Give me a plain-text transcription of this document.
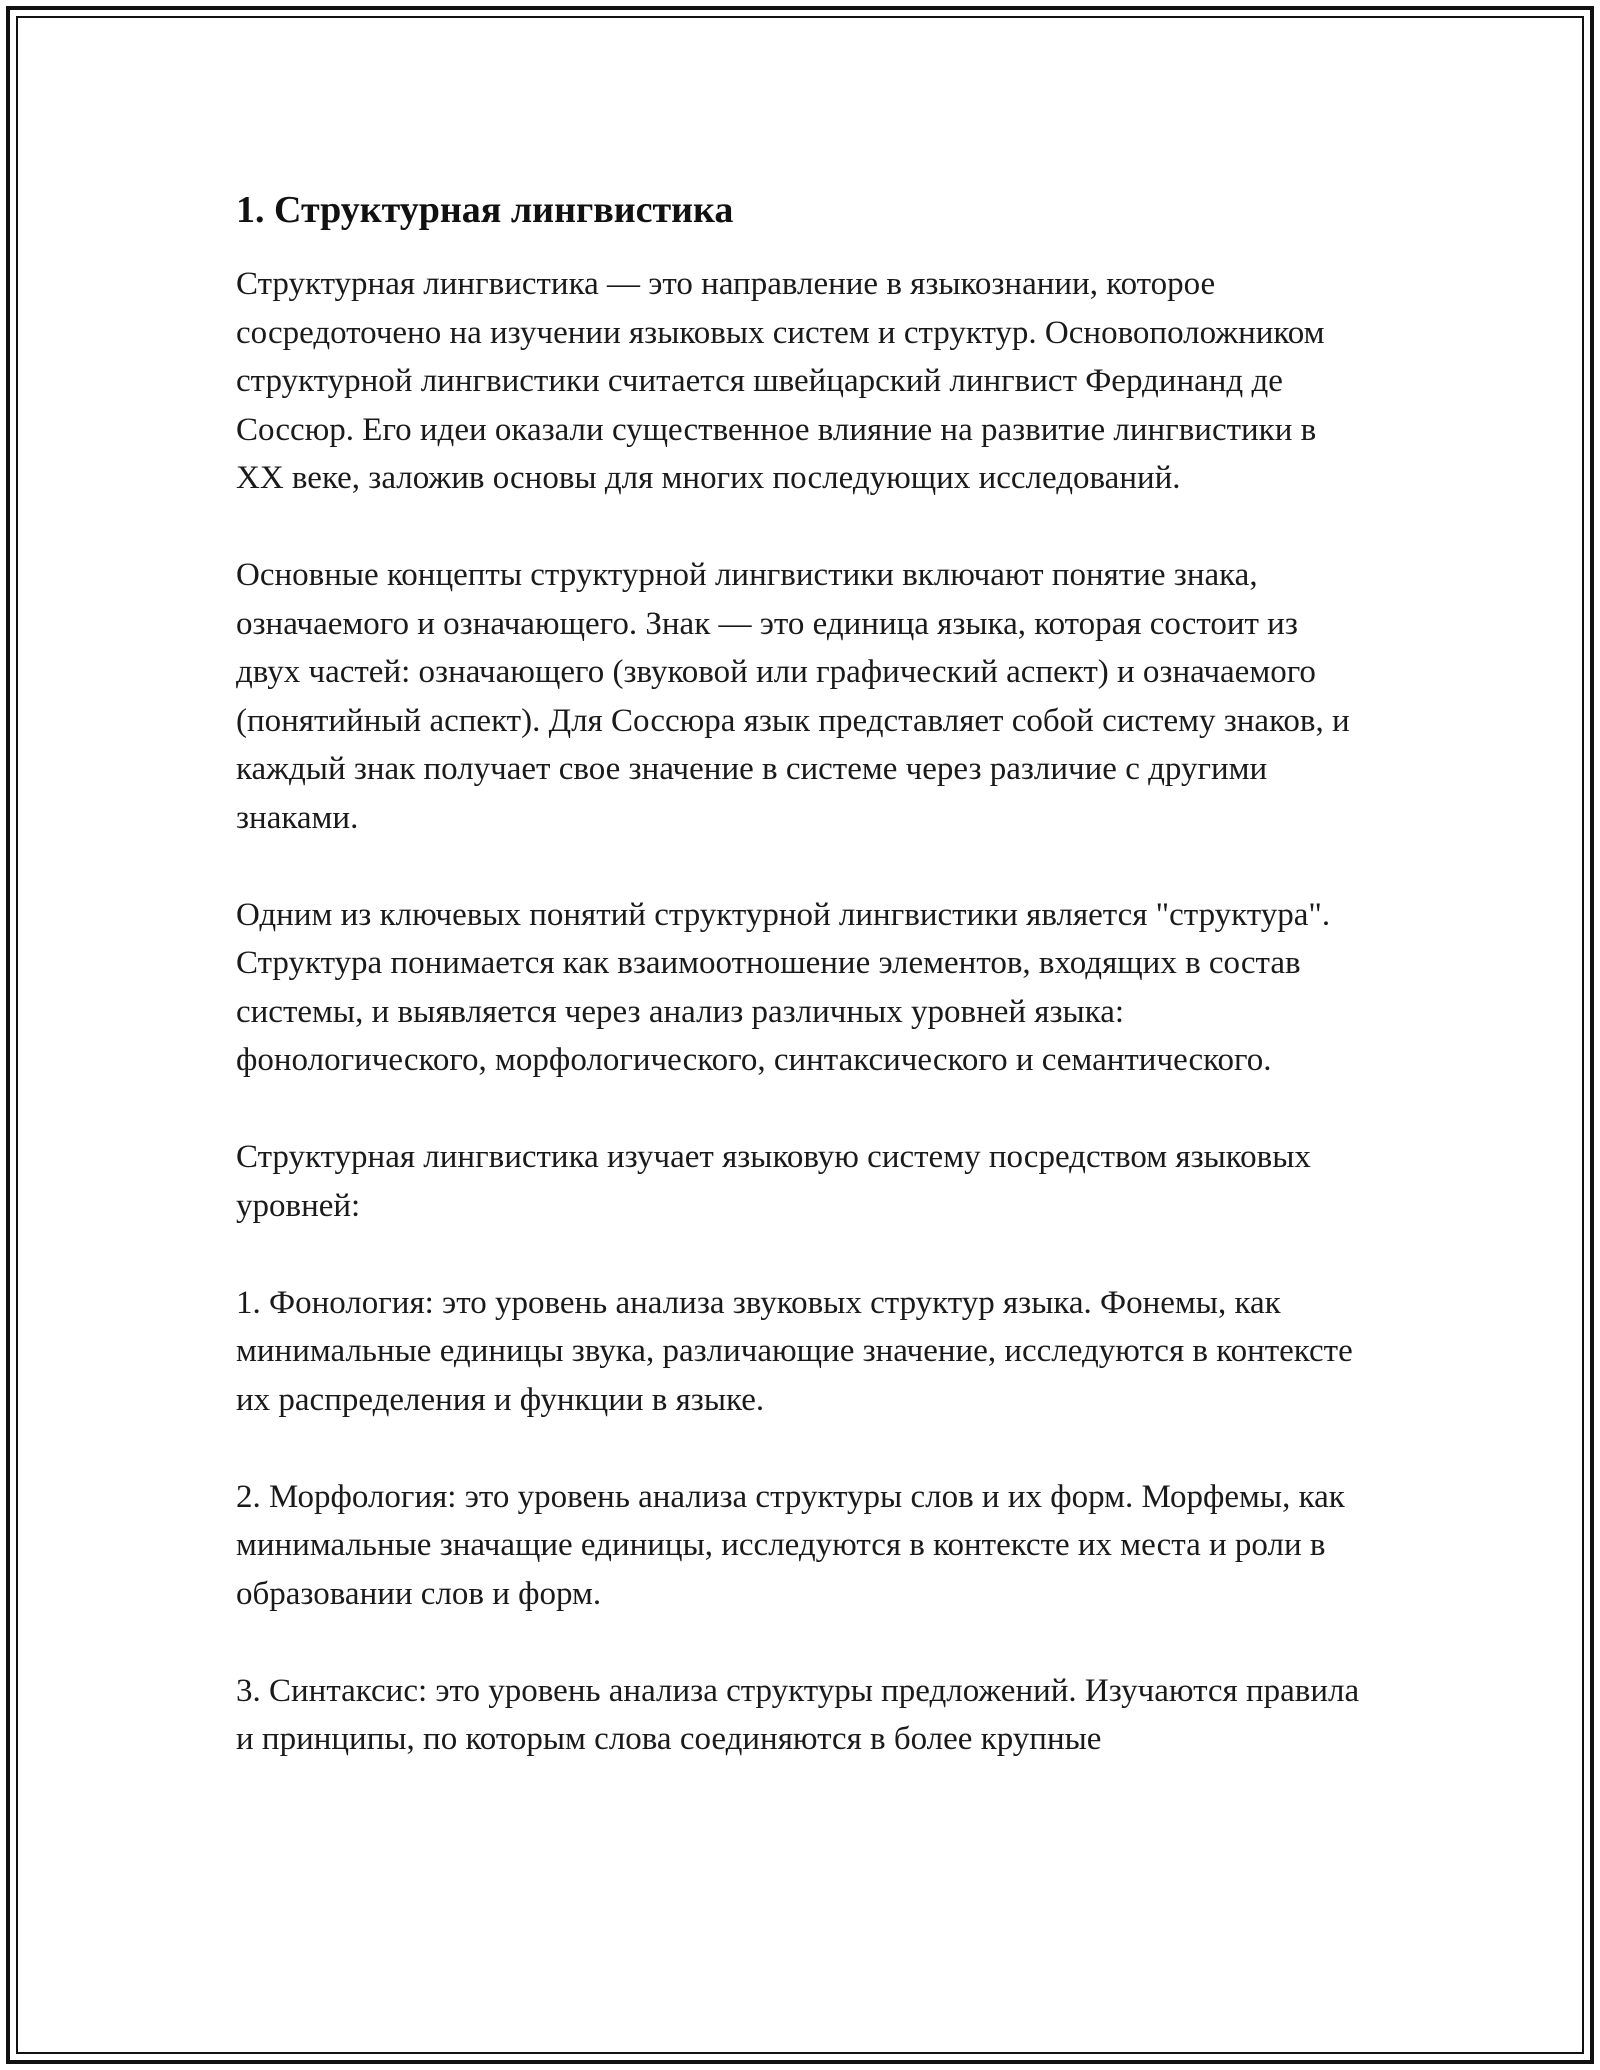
1. Структурная лингвистика

Структурная лингвистика — это направление в языкознании, которое сосредоточено на изучении языковых систем и структур. Основоположником структурной лингвистики считается швейцарский лингвист Фердинанд де Соссюр. Его идеи оказали существенное влияние на развитие лингвистики в XX веке, заложив основы для многих последующих исследований.

Основные концепты структурной лингвистики включают понятие знака, означаемого и означающего. Знак — это единица языка, которая состоит из двух частей: означающего (звуковой или графический аспект) и означаемого (понятийный аспект). Для Соссюра язык представляет собой систему знаков, и каждый знак получает свое значение в системе через различие с другими знаками.

Одним из ключевых понятий структурной лингвистики является "структура". Структура понимается как взаимоотношение элементов, входящих в состав системы, и выявляется через анализ различных уровней языка: фонологического, морфологического, синтаксического и семантического.

Структурная лингвистика изучает языковую систему посредством языковых уровней:

1. Фонология: это уровень анализа звуковых структур языка. Фонемы, как минимальные единицы звука, различающие значение, исследуются в контексте их распределения и функции в языке.

2. Морфология: это уровень анализа структуры слов и их форм. Морфемы, как минимальные значащие единицы, исследуются в контексте их места и роли в образовании слов и форм.

3. Синтаксис: это уровень анализа структуры предложений. Изучаются правила и принципы, по которым слова соединяются в более крупные
